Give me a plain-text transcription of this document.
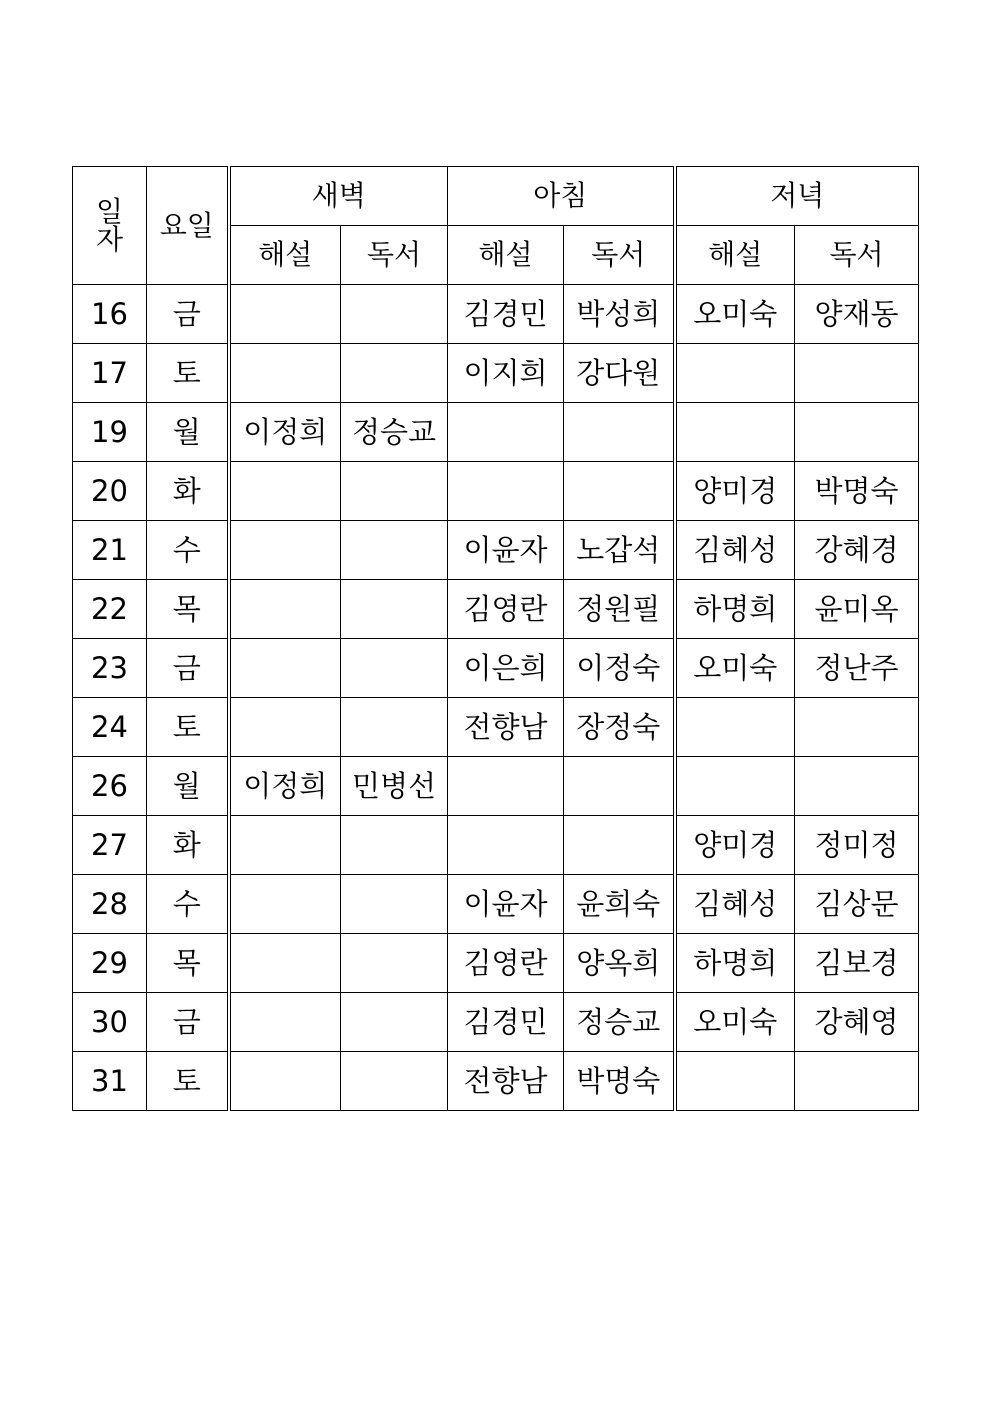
일
자	요일	새벽		아침		저녁	
		해설	독서	해설	독서	해설	독서
16	금			김경민	박성희	오미숙	양재동
17	토			이지희	강다원		
19	월	이정희	정승교				
20	화					양미경	박명숙
21	수			이윤자	노갑석	김혜성	강혜경
22	목			김영란	정원필	하명희	윤미옥
23	금			이은희	이정숙	오미숙	정난주
24	토			전향남	장정숙		
26	월	이정희	민병선				
27	화					양미경	정미정
28	수			이윤자	윤희숙	김혜성	김상문
29	목			김영란	양옥희	하명희	김보경
30	금			김경민	정승교	오미숙	강혜영
31	토			전향남	박명숙		
